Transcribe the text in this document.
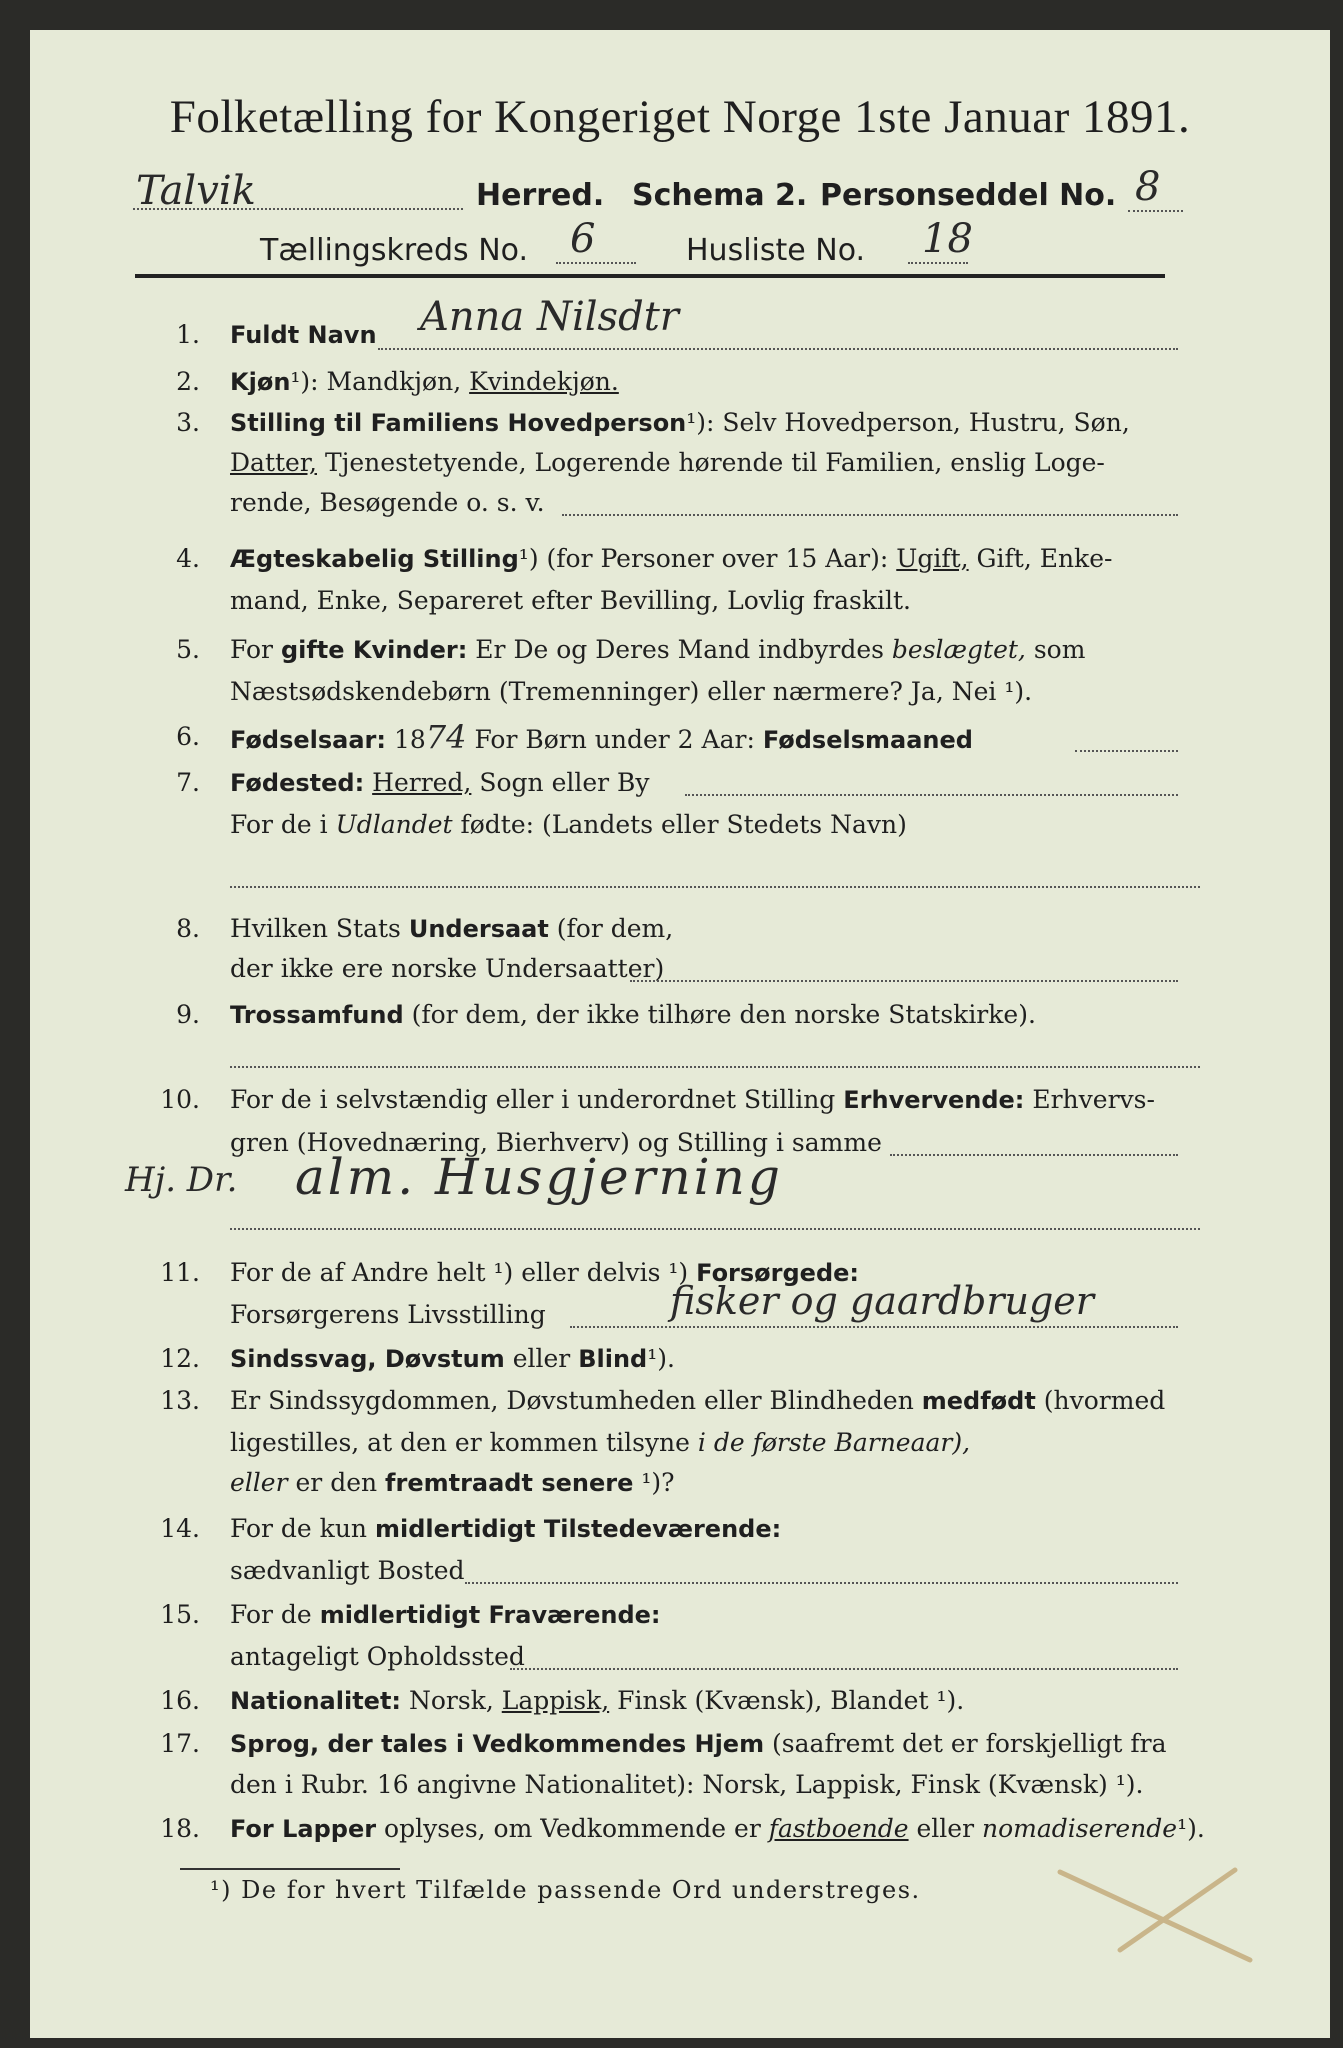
Folketælling for Kongeriget Norge 1ste Januar 1891.
Talvik	Herred. Schema 2. Personseddel No. 8
Tællingskreds No. 6	Husliste No. 18
1. Fuldt Navn Anna Nilsdtr
2. Kjøn¹): Mandkjøn, Kvindekjøn.
3. Stilling til Familiens Hovedperson¹): Selv Hovedperson, Hustru, Søn,
Datter, Tjenestetyende, Logerende hørende til Familien, enslig Loge-
rende, Besøgende o. s. v.
4. Ægteskabelig Stilling¹) (for Personer over 15 Aar): Ugift, Gift, Enke-
mand, Enke, Separeret efter Bevilling, Lovlig fraskilt.
5. For gifte Kvinder: Er De og Deres Mand indbyrdes beslægtet, som
Næstsødskendebørn (Tremenninger) eller nærmere? Ja, Nei ¹).
6. Fødselsaar: 1874 For Børn under 2 Aar: Fødselsmaaned
7. Fødested: Herred, Sogn eller By
For de i Udlandet fødte: (Landets eller Stedets Navn)
8. Hvilken Stats Undersaat (for dem,
der ikke ere norske Undersaatter)
9. Trossamfund (for dem, der ikke tilhøre den norske Statskirke).
10. For de i selvstændig eller i underordnet Stilling Erhvervende: Erhvervs-
gren (Hovednæring, Bierhverv) og Stilling i samme
Hj. Dr. alm. Husgjerning
11. For de af Andre helt ¹) eller delvis ¹) Forsørgede:
Forsørgerens Livsstilling	fisker og gaardbruger
12. Sindssvag, Døvstum eller Blind¹).
13. Er Sindssygdommen, Døvstumheden eller Blindheden medfødt (hvormed
ligestilles, at den er kommen tilsyne i de første Barneaar),
eller er den fremtraadt senere ¹)?
14. For de kun midlertidigt Tilstedeværende:
sædvanligt Bosted
15. For de midlertidigt Fraværende:
antageligt Opholdssted
16. Nationalitet: Norsk, Lappisk, Finsk (Kvænsk), Blandet ¹).
17. Sprog, der tales i Vedkommendes Hjem (saafremt det er forskjelligt fra
den i Rubr. 16 angivne Nationalitet): Norsk, Lappisk, Finsk (Kvænsk) ¹).
18. For Lapper oplyses, om Vedkommende er fastboende eller nomadiserende¹).
¹) De for hvert Tilfælde passende Ord understreges.
